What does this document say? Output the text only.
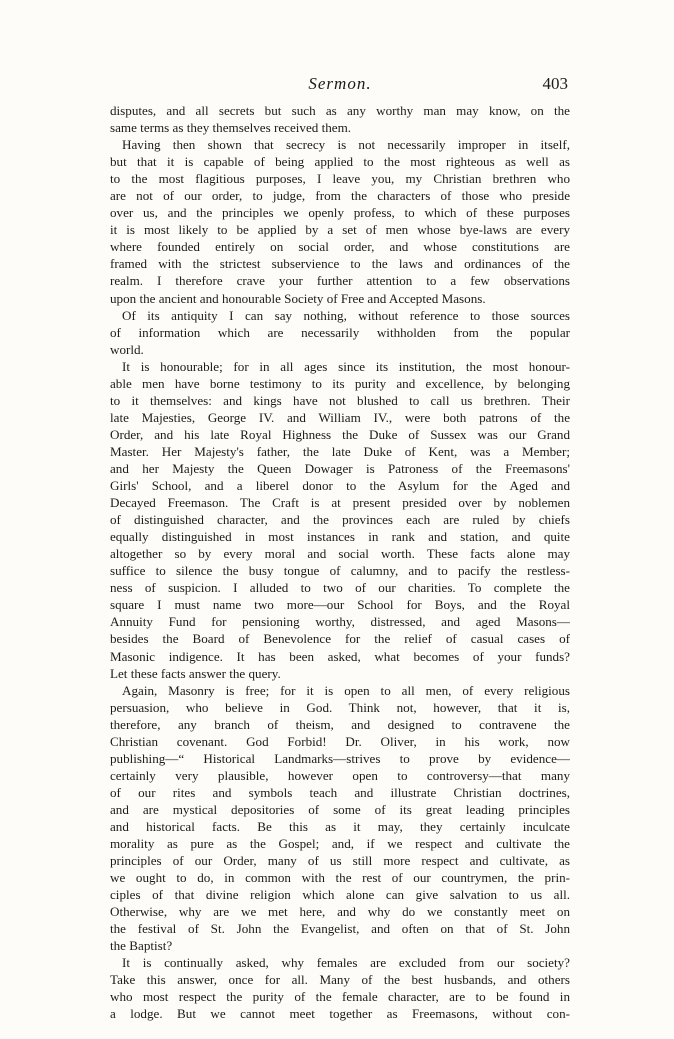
Sermon.	403
disputes, and all secrets but such as any worthy man may know, on the
same terms as they themselves received them.
Having then shown that secrecy is not necessarily improper in itself,
but that it is capable of being applied to the most righteous as well as
to the most flagitious purposes, I leave you, my Christian brethren who
are not of our order, to judge, from the characters of those who preside
over us, and the principles we openly profess, to which of these purposes
it is most likely to be applied by a set of men whose bye-laws are every
where founded entirely on social order, and whose constitutions are
framed with the strictest subservience to the laws and ordinances of the
realm. I therefore crave your further attention to a few observations
upon the ancient and honourable Society of Free and Accepted Masons.
Of its antiquity I can say nothing, without reference to those sources
of information which are necessarily withholden from the popular
world.
It is honourable; for in all ages since its institution, the most honour-
able men have borne testimony to its purity and excellence, by belonging
to it themselves: and kings have not blushed to call us brethren. Their
late Majesties, George IV. and William IV., were both patrons of the
Order, and his late Royal Highness the Duke of Sussex was our Grand
Master. Her Majesty's father, the late Duke of Kent, was a Member;
and her Majesty the Queen Dowager is Patroness of the Freemasons'
Girls' School, and a liberel donor to the Asylum for the Aged and
Decayed Freemason. The Craft is at present presided over by noblemen
of distinguished character, and the provinces each are ruled by chiefs
equally distinguished in most instances in rank and station, and quite
altogether so by every moral and social worth. These facts alone may
suffice to silence the busy tongue of calumny, and to pacify the restless-
ness of suspicion. I alluded to two of our charities. To complete the
square I must name two more—our School for Boys, and the Royal
Annuity Fund for pensioning worthy, distressed, and aged Masons—
besides the Board of Benevolence for the relief of casual cases of
Masonic indigence. It has been asked, what becomes of your funds?
Let these facts answer the query.
Again, Masonry is free; for it is open to all men, of every religious
persuasion, who believe in God. Think not, however, that it is,
therefore, any branch of theism, and designed to contravene the
Christian covenant. God Forbid! Dr. Oliver, in his work, now
publishing—“ Historical Landmarks—strives to prove by evidence—
certainly very plausible, however open to controversy—that many
of our rites and symbols teach and illustrate Christian doctrines,
and are mystical depositories of some of its great leading principles
and historical facts. Be this as it may, they certainly inculcate
morality as pure as the Gospel; and, if we respect and cultivate the
principles of our Order, many of us still more respect and cultivate, as
we ought to do, in common with the rest of our countrymen, the prin-
ciples of that divine religion which alone can give salvation to us all.
Otherwise, why are we met here, and why do we constantly meet on
the festival of St. John the Evangelist, and often on that of St. John
the Baptist?
It is continually asked, why females are excluded from our society?
Take this answer, once for all. Many of the best husbands, and others
who most respect the purity of the female character, are to be found in
a lodge. But we cannot meet together as Freemasons, without con-
